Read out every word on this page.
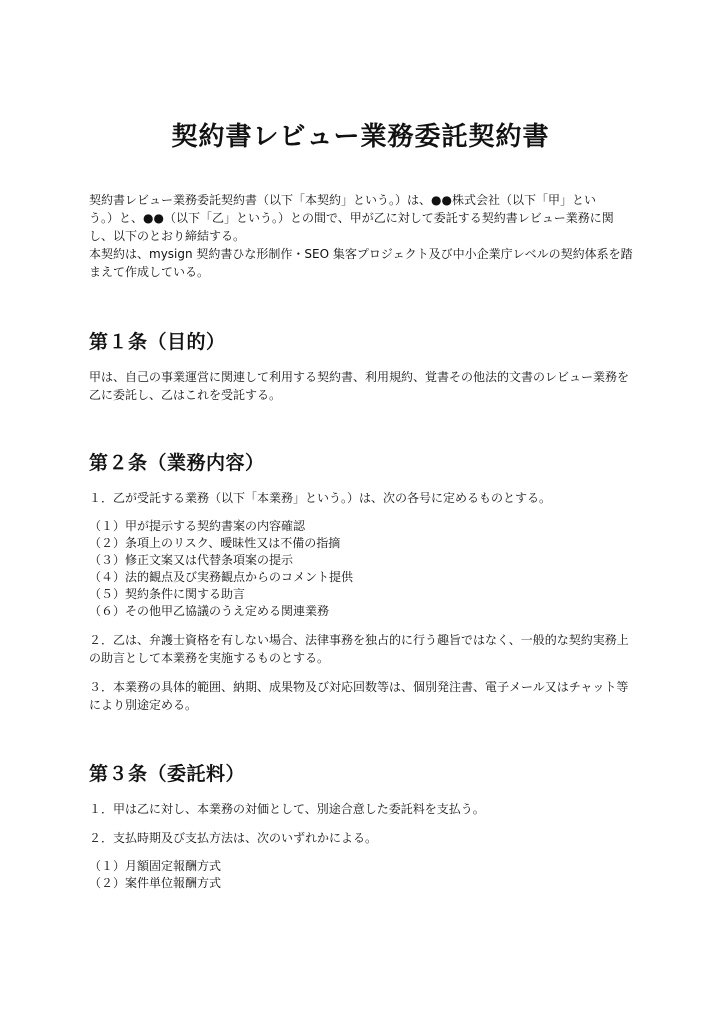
契約書レビュー業務委託契約書

契約書レビュー業務委託契約書（以下「本契約」という。）は、●●株式会社（以下「甲」とい
う。）と、●●（以下「乙」という。）との間で、甲が乙に対して委託する契約書レビュー業務に関
し、以下のとおり締結する。
本契約は、mysign 契約書ひな形制作・SEO 集客プロジェクト及び中小企業庁レベルの契約体系を踏
まえて作成している。

第１条（目的）

甲は、自己の事業運営に関連して利用する契約書、利用規約、覚書その他法的文書のレビュー業務を
乙に委託し、乙はこれを受託する。

第２条（業務内容）

１．乙が受託する業務（以下「本業務」という。）は、次の各号に定めるものとする。

（１）甲が提示する契約書案の内容確認

（２）条項上のリスク、曖昧性又は不備の指摘

（３）修正文案又は代替条項案の提示

（４）法的観点及び実務観点からのコメント提供

（５）契約条件に関する助言

（６）その他甲乙協議のうえ定める関連業務

２．乙は、弁護士資格を有しない場合、法律事務を独占的に行う趣旨ではなく、一般的な契約実務上
の助言として本業務を実施するものとする。

３．本業務の具体的範囲、納期、成果物及び対応回数等は、個別発注書、電子メール又はチャット等
により別途定める。

第３条（委託料）

１．甲は乙に対し、本業務の対価として、別途合意した委託料を支払う。

２．支払時期及び支払方法は、次のいずれかによる。

（１）月額固定報酬方式

（２）案件単位報酬方式
